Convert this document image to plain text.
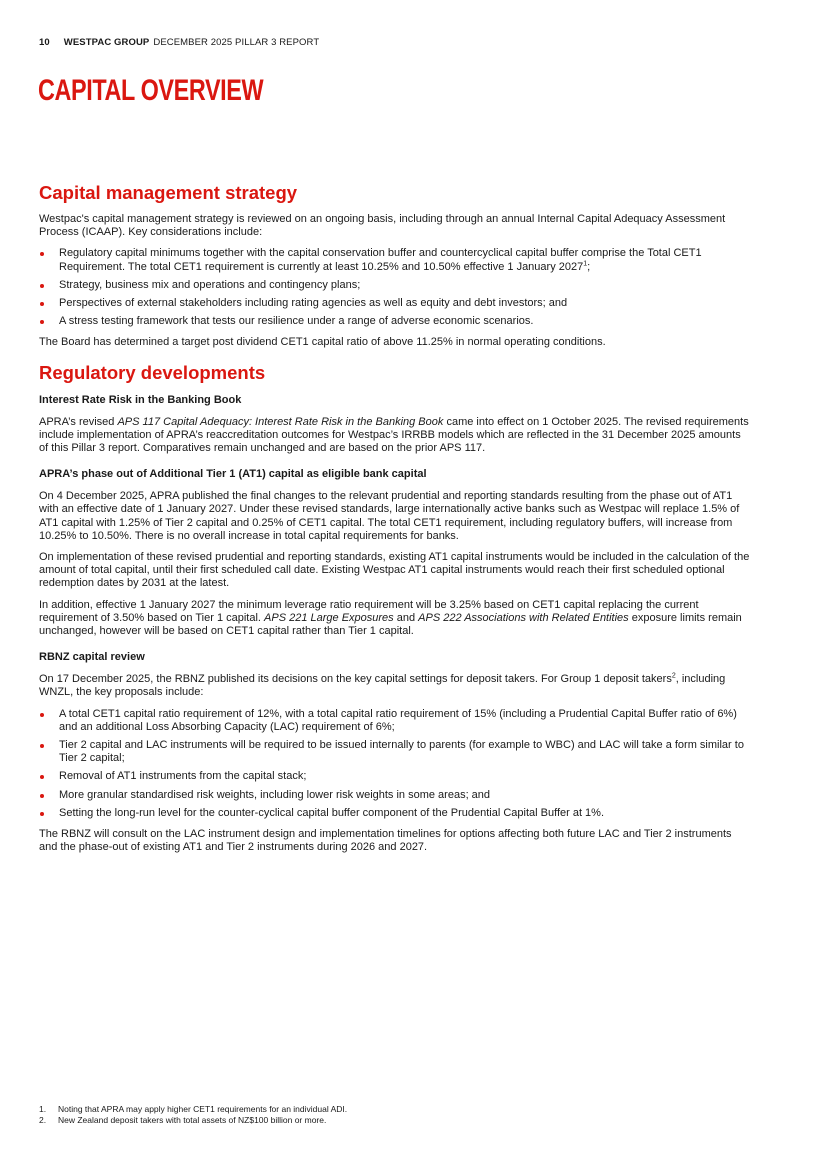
10 WESTPAC GROUP DECEMBER 2025 PILLAR 3 REPORT
CAPITAL OVERVIEW
Capital management strategy

Westpac's capital management strategy is reviewed on an ongoing basis, including through an annual Internal Capital Adequacy Assessment Process (ICAAP). Key considerations include:

Regulatory capital minimums together with the capital conservation buffer and countercyclical capital buffer comprise the Total CET1 Requirement. The total CET1 requirement is currently at least 10.25% and 10.50% effective 1 January 2027$^1$;
Strategy, business mix and operations and contingency plans;
Perspectives of external stakeholders including rating agencies as well as equity and debt investors; and
A stress testing framework that tests our resilience under a range of adverse economic scenarios.

The Board has determined a target post dividend CET1 capital ratio of above 11.25% in normal operating conditions.

Regulatory developments
Interest Rate Risk in the Banking Book

APRA’s revised APS 117 Capital Adequacy: Interest Rate Risk in the Banking Book came into effect on 1 October 2025. The revised requirements include implementation of APRA’s reaccreditation outcomes for Westpac’s IRRBB models which are reflected in the 31 December 2025 amounts of this Pillar 3 report. Comparatives remain unchanged and are based on the prior APS 117.

APRA’s phase out of Additional Tier 1 (AT1) capital as eligible bank capital

On 4 December 2025, APRA published the final changes to the relevant prudential and reporting standards resulting from the phase out of AT1 with an effective date of 1 January 2027. Under these revised standards, large internationally active banks such as Westpac will replace 1.5% of AT1 capital with 1.25% of Tier 2 capital and 0.25% of CET1 capital. The total CET1 requirement, including regulatory buffers, will increase from 10.25% to 10.50%. There is no overall increase in total capital requirements for banks.

On implementation of these revised prudential and reporting standards, existing AT1 capital instruments would be included in the calculation of the amount of total capital, until their first scheduled call date. Existing Westpac AT1 capital instruments would reach their first scheduled optional redemption dates by 2031 at the latest.

In addition, effective 1 January 2027 the minimum leverage ratio requirement will be 3.25% based on CET1 capital replacing the current requirement of 3.50% based on Tier 1 capital. APS 221 Large Exposures and APS 222 Associations with Related Entities exposure limits remain unchanged, however will be based on CET1 capital rather than Tier 1 capital.

RBNZ capital review

On 17 December 2025, the RBNZ published its decisions on the key capital settings for deposit takers. For Group 1 deposit takers$^2$, including WNZL, the key proposals include:

A total CET1 capital ratio requirement of 12%, with a total capital ratio requirement of 15% (including a Prudential Capital Buffer ratio of 6%) and an additional Loss Absorbing Capacity (LAC) requirement of 6%;
Tier 2 capital and LAC instruments will be required to be issued internally to parents (for example to WBC) and LAC will take a form similar to Tier 2 capital;
Removal of AT1 instruments from the capital stack;
More granular standardised risk weights, including lower risk weights in some areas; and
Setting the long-run level for the counter-cyclical capital buffer component of the Prudential Capital Buffer at 1%.

The RBNZ will consult on the LAC instrument design and implementation timelines for options affecting both future LAC and Tier 2 instruments and the phase-out of existing AT1 and Tier 2 instruments during 2026 and 2027.

1.	Noting that APRA may apply higher CET1 requirements for an individual ADI.
2.	New Zealand deposit takers with total assets of NZ$100 billion or more.
